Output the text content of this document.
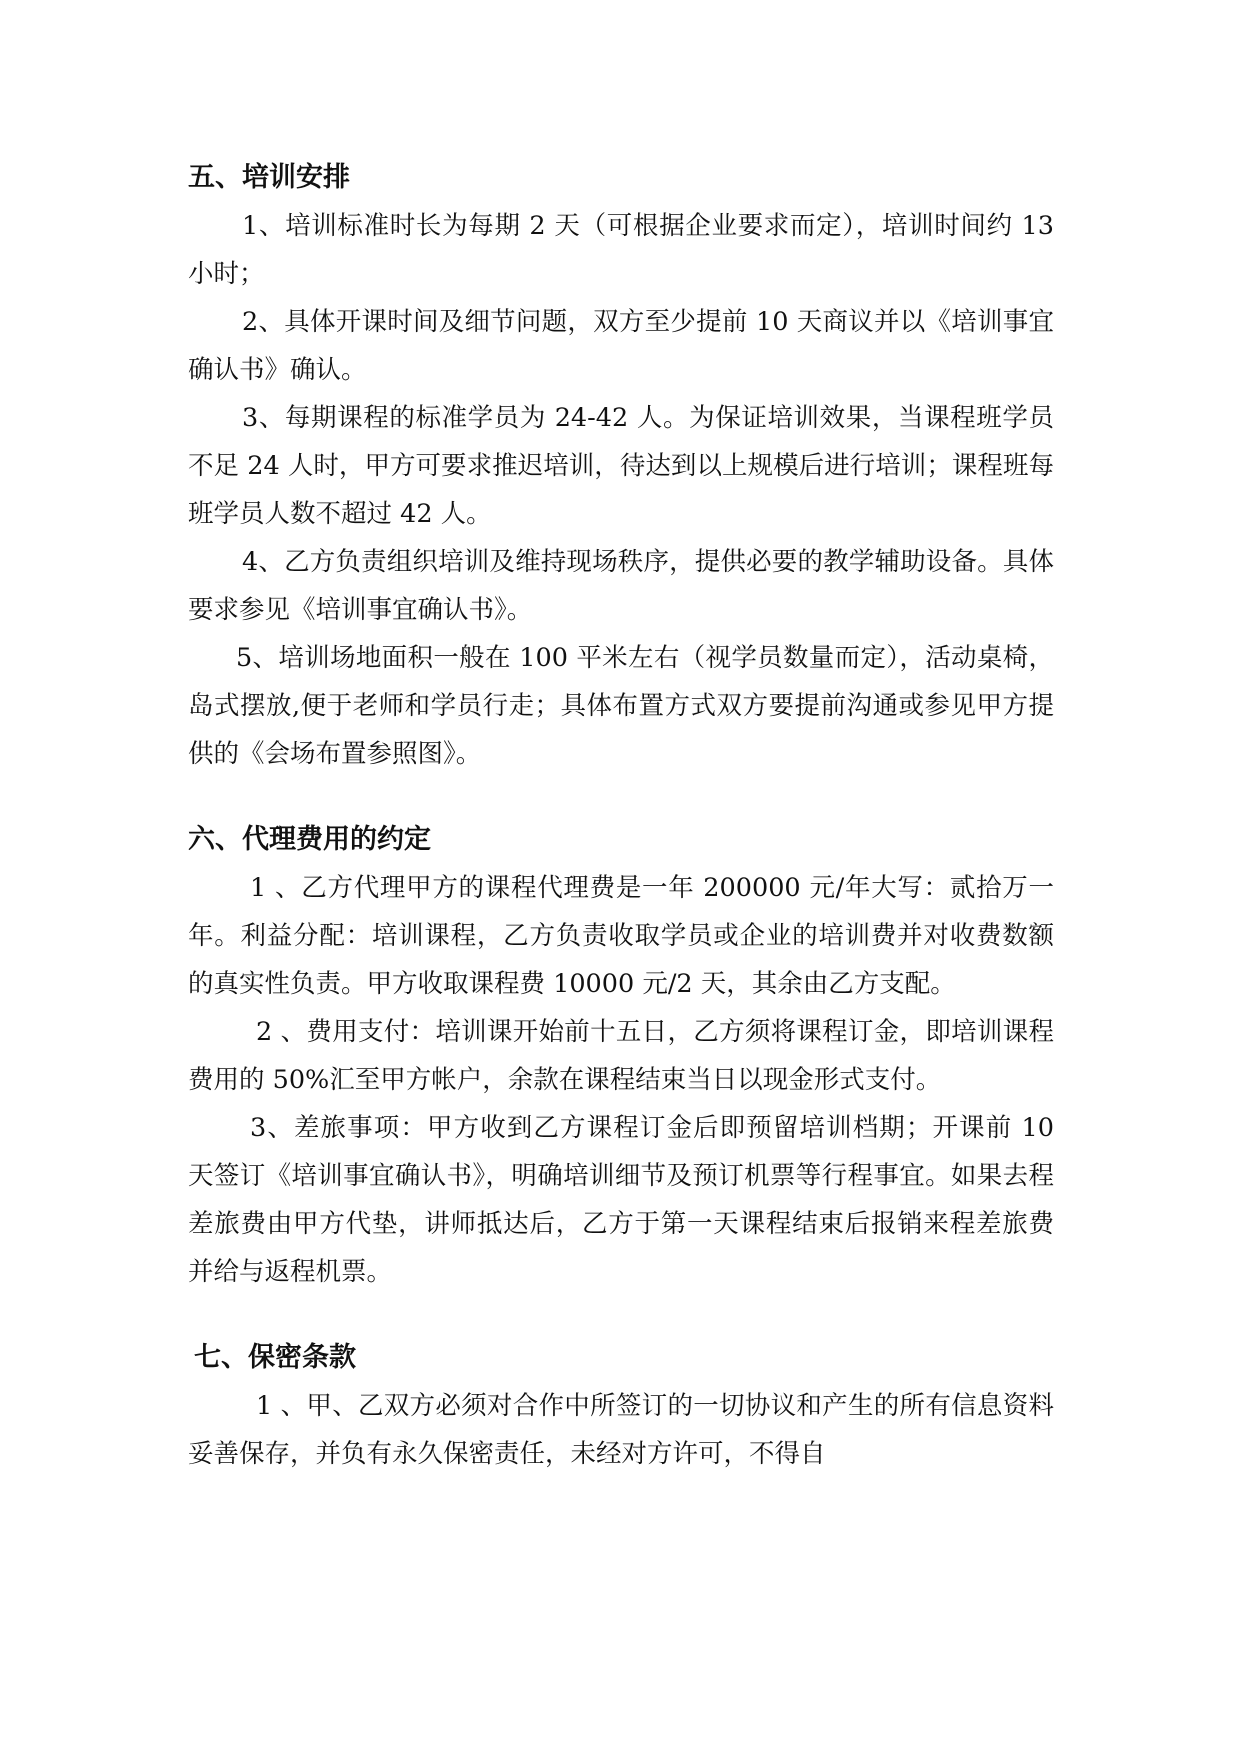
五、培训安排

1、培训标准时长为每期 2 天（可根据企业要求而定），培训时间约 13 小时；

2、具体开课时间及细节问题，双方至少提前 10 天商议并以《培训事宜确认书》确认。

3、每期课程的标准学员为 24-42 人。为保证培训效果，当课程班学员不足 24 人时，甲方可要求推迟培训，待达到以上规模后进行培训；课程班每班学员人数不超过 42 人。

4、乙方负责组织培训及维持现场秩序，提供必要的教学辅助设备。具体要求参见《培训事宜确认书》。

5、培训场地面积一般在 100 平米左右（视学员数量而定），活动桌椅，岛式摆放,便于老师和学员行走；具体布置方式双方要提前沟通或参见甲方提供的《会场布置参照图》。

六、代理费用的约定

1 、乙方代理甲方的课程代理费是一年 200000 元/年大写：贰拾万一年。利益分配：培训课程，乙方负责收取学员或企业的培训费并对收费数额的真实性负责。甲方收取课程费 10000 元/2 天，其余由乙方支配。

2 、费用支付：培训课开始前十五日，乙方须将课程订金，即培训课程费用的 50%汇至甲方帐户，余款在课程结束当日以现金形式支付。

3、差旅事项：甲方收到乙方课程订金后即预留培训档期；开课前 10 天签订《培训事宜确认书》，明确培训细节及预订机票等行程事宜。如果去程差旅费由甲方代垫，讲师抵达后，乙方于第一天课程结束后报销来程差旅费并给与返程机票。

七、保密条款

1 、甲、乙双方必须对合作中所签订的一切协议和产生的所有信息资料妥善保存，并负有永久保密责任，未经对方许可，不得自
